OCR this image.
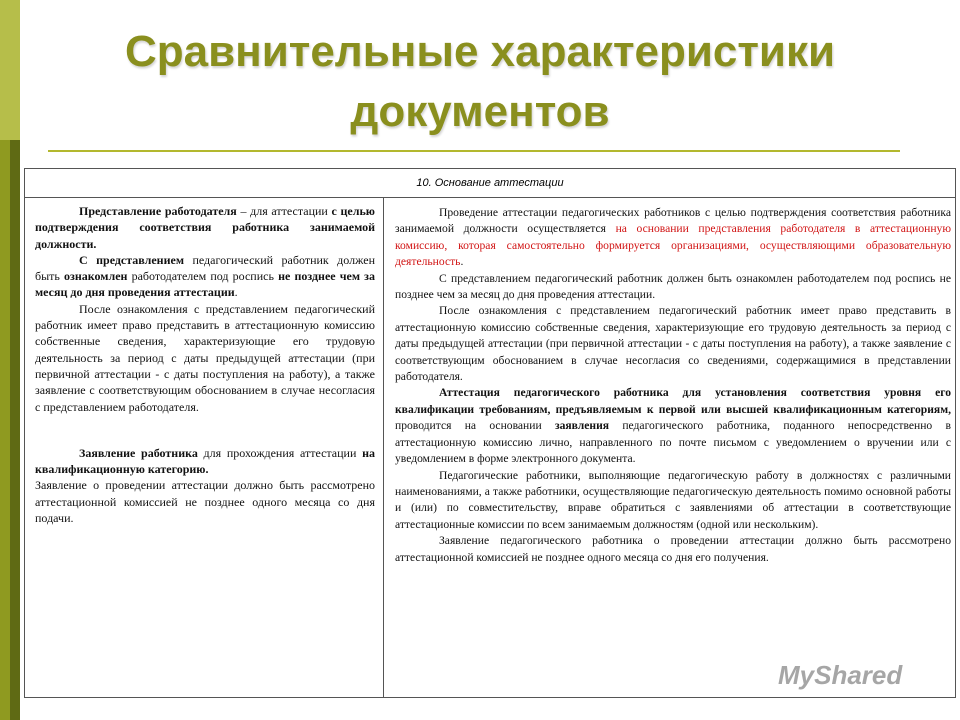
Сравнительные характеристики документов
10. Основание аттестации

Представление работодателя – для аттестации с целью подтверждения соответствия работника занимаемой должности.

С представлением педагогический работник должен быть ознакомлен работодателем под роспись не позднее чем за месяц до дня проведения аттестации.

После ознакомления с представлением педагогический работник имеет право представить в аттестационную комиссию собственные сведения, характеризующие его трудовую деятельность за период с даты предыдущей аттестации (при первичной аттестации - с даты поступления на работу), а также заявление с соответствующим обоснованием в случае несогласия с представлением работодателя.

Заявление работника для прохождения аттестации на квалификационную категорию.

Заявление о проведении аттестации должно быть рассмотрено аттестационной комиссией не позднее одного месяца со дня подачи.

Проведение аттестации педагогических работников с целью подтверждения соответствия работника занимаемой должности осуществляется на основании представления работодателя в аттестационную комиссию, которая самостоятельно формируется организациями, осуществляющими образовательную деятельность.

С представлением педагогический работник должен быть ознакомлен работодателем под роспись не позднее чем за месяц до дня проведения аттестации.

После ознакомления с представлением педагогический работник имеет право представить в аттестационную комиссию собственные сведения, характеризующие его трудовую деятельность за период с даты предыдущей аттестации (при первичной аттестации - с даты поступления на работу), а также заявление с соответствующим обоснованием в случае несогласия со сведениями, содержащимися в представлении работодателя.

Аттестация педагогического работника для установления соответствия уровня его квалификации требованиям, предъявляемым к первой или высшей квалификационным категориям, проводится на основании заявления педагогического работника, поданного непосредственно в аттестационную комиссию лично, направленного по почте письмом с уведомлением о вручении или с уведомлением в форме электронного документа.

Педагогические работники, выполняющие педагогическую работу в должностях с различными наименованиями, а также работники, осуществляющие педагогическую деятельность помимо основной работы и (или) по совместительству, вправе обратиться с заявлениями об аттестации в соответствующие аттестационные комиссии по всем занимаемым должностям (одной или нескольким).

Заявление педагогического работника о проведении аттестации должно быть рассмотрено аттестационной комиссией не позднее одного месяца со дня его получения.

MyShared
